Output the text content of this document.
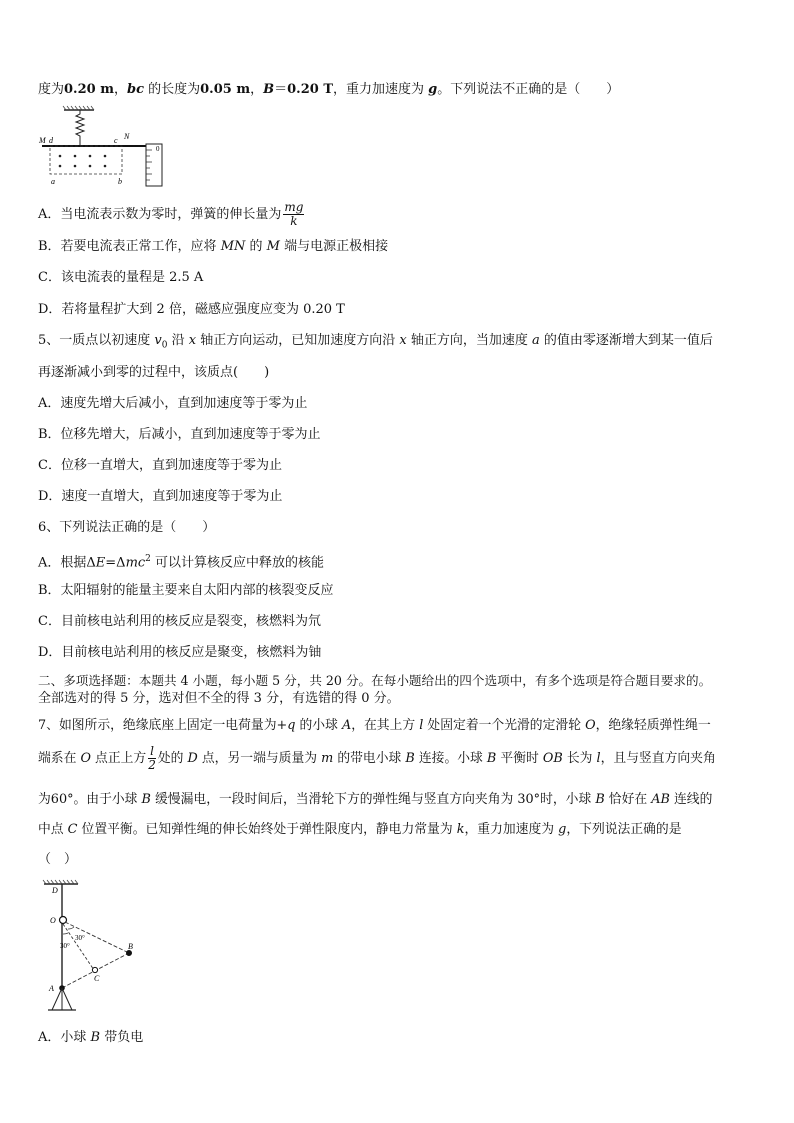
度为0.20 m，bc 的长度为0.05 m，B＝0.20 T，重力加速度为 g。下列说法不正确的是（　　）
M d	c N
a	b
0
A．当电流表示数为零时，弹簧的伸长量为 $\frac{mg}{k}$
B．若要电流表正常工作，应将 MN 的 M 端与电源正极相接
C．该电流表的量程是 2.5 A
D．若将量程扩大到 2 倍，磁感应强度应变为 0.20 T
5、一质点以初速度 $v_0$ 沿 x 轴正方向运动，已知加速度方向沿 x 轴正方向，当加速度 a 的值由零逐渐增大到某一值后
再逐渐减小到零的过程中，该质点(　　)
A．速度先增大后减小，直到加速度等于零为止
B．位移先增大，后减小，直到加速度等于零为止
C．位移一直增大，直到加速度等于零为止
D．速度一直增大，直到加速度等于零为止
6、下列说法正确的是（　　）
A．根据ΔE=Δmc$^2$ 可以计算核反应中释放的核能
B．太阳辐射的能量主要来自太阳内部的核裂变反应
C．目前核电站利用的核反应是裂变，核燃料为氘
D．目前核电站利用的核反应是聚变，核燃料为铀
二、多项选择题：本题共 4 小题，每小题 5 分，共 20 分。在每小题给出的四个选项中，有多个选项是符合题目要求的。
全部选对的得 5 分，选对但不全的得 3 分，有选错的得 0 分。
7、如图所示，绝缘底座上固定一电荷量为+q 的小球 A，在其上方 l 处固定着一个光滑的定滑轮 O，绝缘轻质弹性绳一
端系在 O 点正上方 $\frac{l}{2}$ 处的 D 点，另一端与质量为 m 的带电小球 B 连接。小球 B 平衡时 OB 长为 l，且与竖直方向夹角
为60°。由于小球 B 缓慢漏电，一段时间后，当滑轮下方的弹性绳与竖直方向夹角为 30°时，小球 B 恰好在 AB 连线的
中点 C 位置平衡。已知弹性绳的伸长始终处于弹性限度内，静电力常量为 k，重力加速度为 g，下列说法正确的是
（　）
D
O
30°
30°	B
C
A
A．小球 B 带负电
